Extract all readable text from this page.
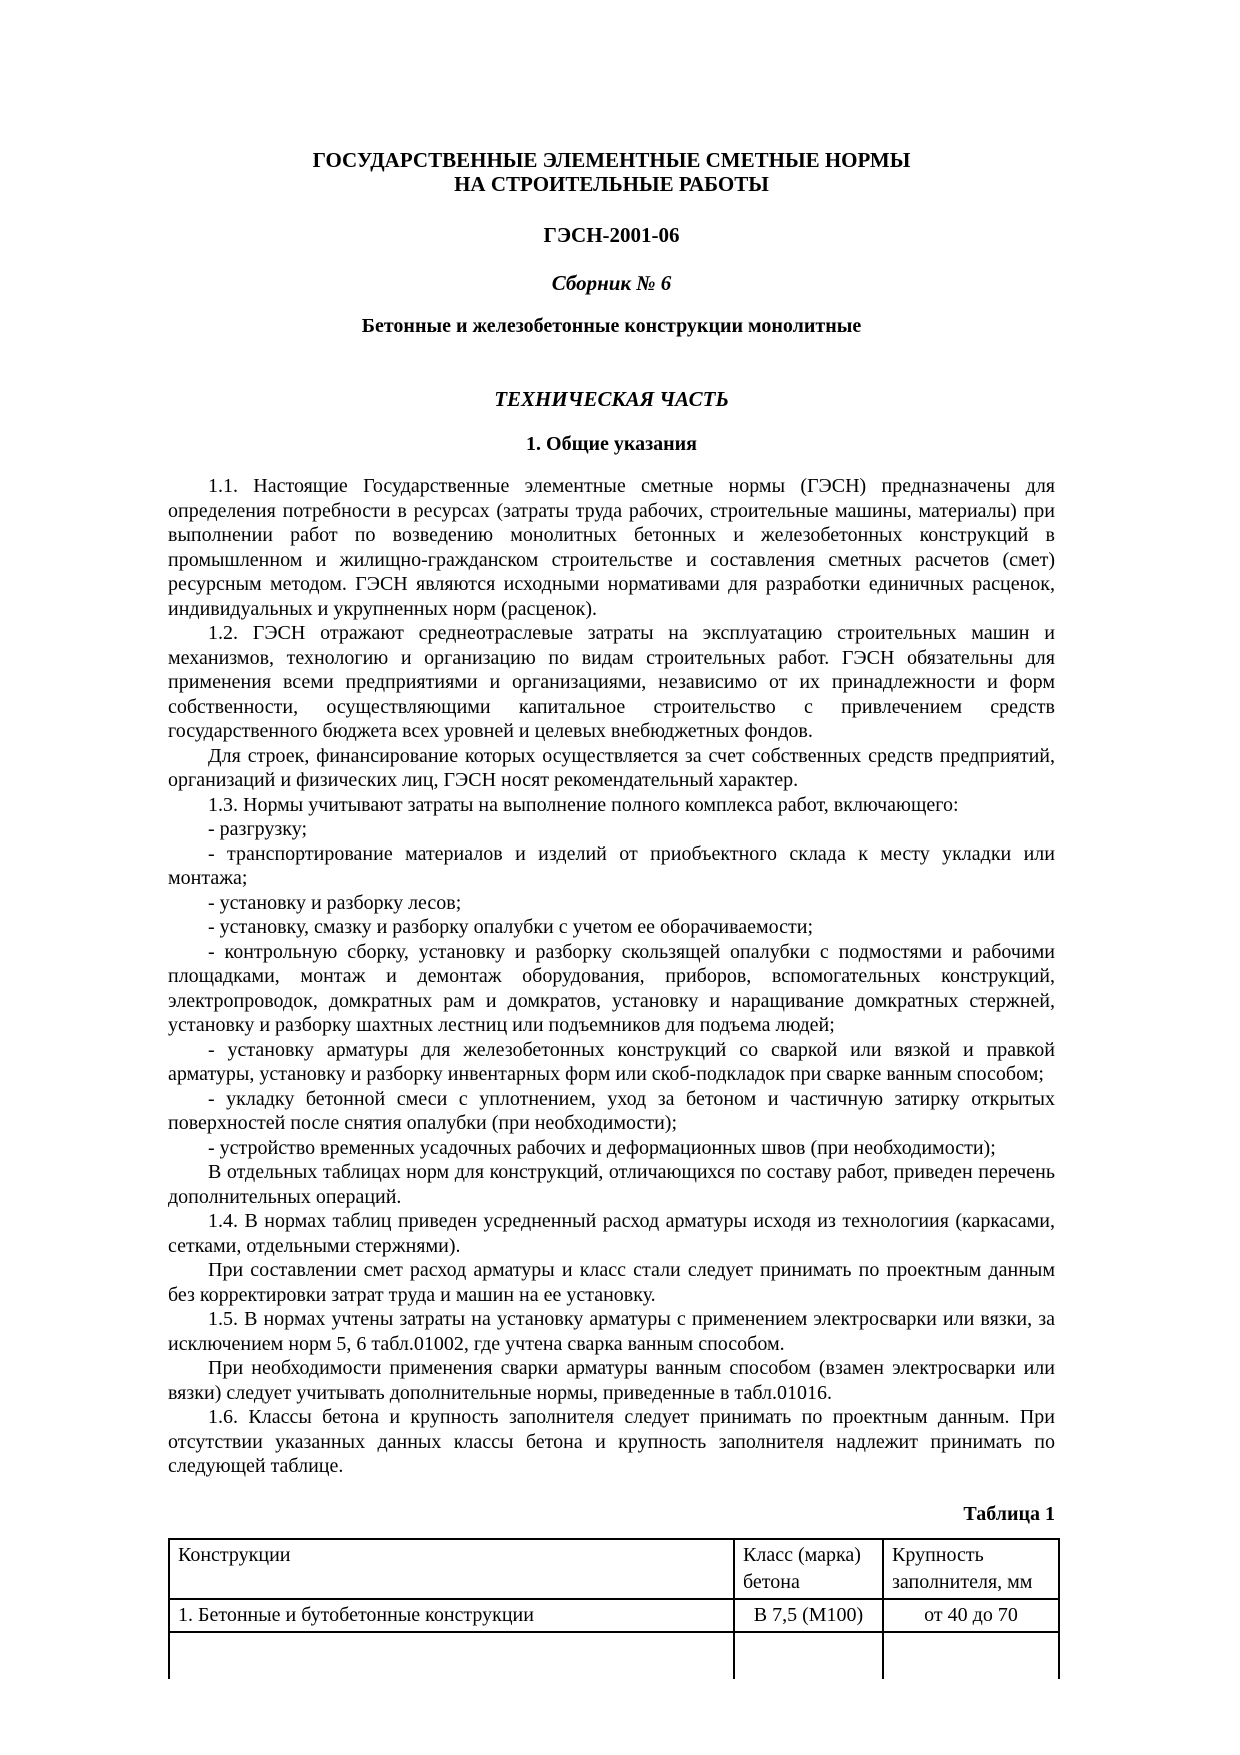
ГОСУДАРСТВЕННЫЕ ЭЛЕМЕНТНЫЕ СМЕТНЫЕ НОРМЫ
НА СТРОИТЕЛЬНЫЕ РАБОТЫ

ГЭСН-2001-06

Сборник № 6

Бетонные и железобетонные конструкции монолитные

ТЕХНИЧЕСКАЯ ЧАСТЬ

1. Общие указания

1.1. Настоящие Государственные элементные сметные нормы (ГЭСН) предназначены для определения потребности в ресурсах (затраты труда рабочих, строительные машины, материалы) при выполнении работ по возведению монолитных бетонных и железобетонных конструкций в промышленном и жилищно-гражданском строительстве и составления сметных расчетов (смет) ресурсным методом. ГЭСН являются исходными нормативами для разработки единичных расценок, индивидуальных и укрупненных норм (расценок).

1.2. ГЭСН отражают среднеотраслевые затраты на эксплуатацию строительных машин и механизмов, технологию и организацию по видам строительных работ. ГЭСН обязательны для применения всеми предприятиями и организациями, независимо от их принадлежности и форм собственности, осуществляющими капитальное строительство с привлечением средств государственного бюджета всех уровней и целевых внебюджетных фондов.

Для строек, финансирование которых осуществляется за счет собственных средств предприятий, организаций и физических лиц, ГЭСН носят рекомендательный характер.

1.3. Нормы учитывают затраты на выполнение полного комплекса работ, включающего:

- разгрузку;

- транспортирование материалов и изделий от приобъектного склада к месту укладки или монтажа;

- установку и разборку лесов;

- установку, смазку и разборку опалубки с учетом ее оборачиваемости;

- контрольную сборку, установку и разборку скользящей опалубки с подмостями и рабочими площадками, монтаж и демонтаж оборудования, приборов, вспомогательных конструкций, электропроводок, домкратных рам и домкратов, установку и наращивание домкратных стержней, установку и разборку шахтных лестниц или подъемников для подъема людей;

- установку арматуры для железобетонных конструкций со сваркой или вязкой и правкой арматуры, установку и разборку инвентарных форм или скоб-подкладок при сварке ванным способом;

- укладку бетонной смеси с уплотнением, уход за бетоном и частичную затирку открытых поверхностей после снятия опалубки (при необходимости);

- устройство временных усадочных рабочих и деформационных швов (при необходимости);

В отдельных таблицах норм для конструкций, отличающихся по составу работ, приведен перечень дополнительных операций.

1.4. В нормах таблиц приведен усредненный расход арматуры исходя из технологиия (каркасами, сетками, отдельными стержнями).

При составлении смет расход арматуры и класс стали следует принимать по проектным данным без корректировки затрат труда и машин на ее установку.

1.5. В нормах учтены затраты на установку арматуры с применением электросварки или вязки, за исключением норм 5, 6 табл.01002, где учтена сварка ванным способом.

При необходимости применения сварки арматуры ванным способом (взамен электросварки или вязки) следует учитывать дополнительные нормы, приведенные в табл.01016.

1.6. Классы бетона и крупность заполнителя следует принимать по проектным данным. При отсутствии указанных данных классы бетона и крупность заполнителя надлежит принимать по следующей таблице.

Таблица 1

Конструкции	Класс (марка) бетона	Крупность заполнителя, мм
1. Бетонные и бутобетонные конструкции	В 7,5 (М100)	от 40 до 70
